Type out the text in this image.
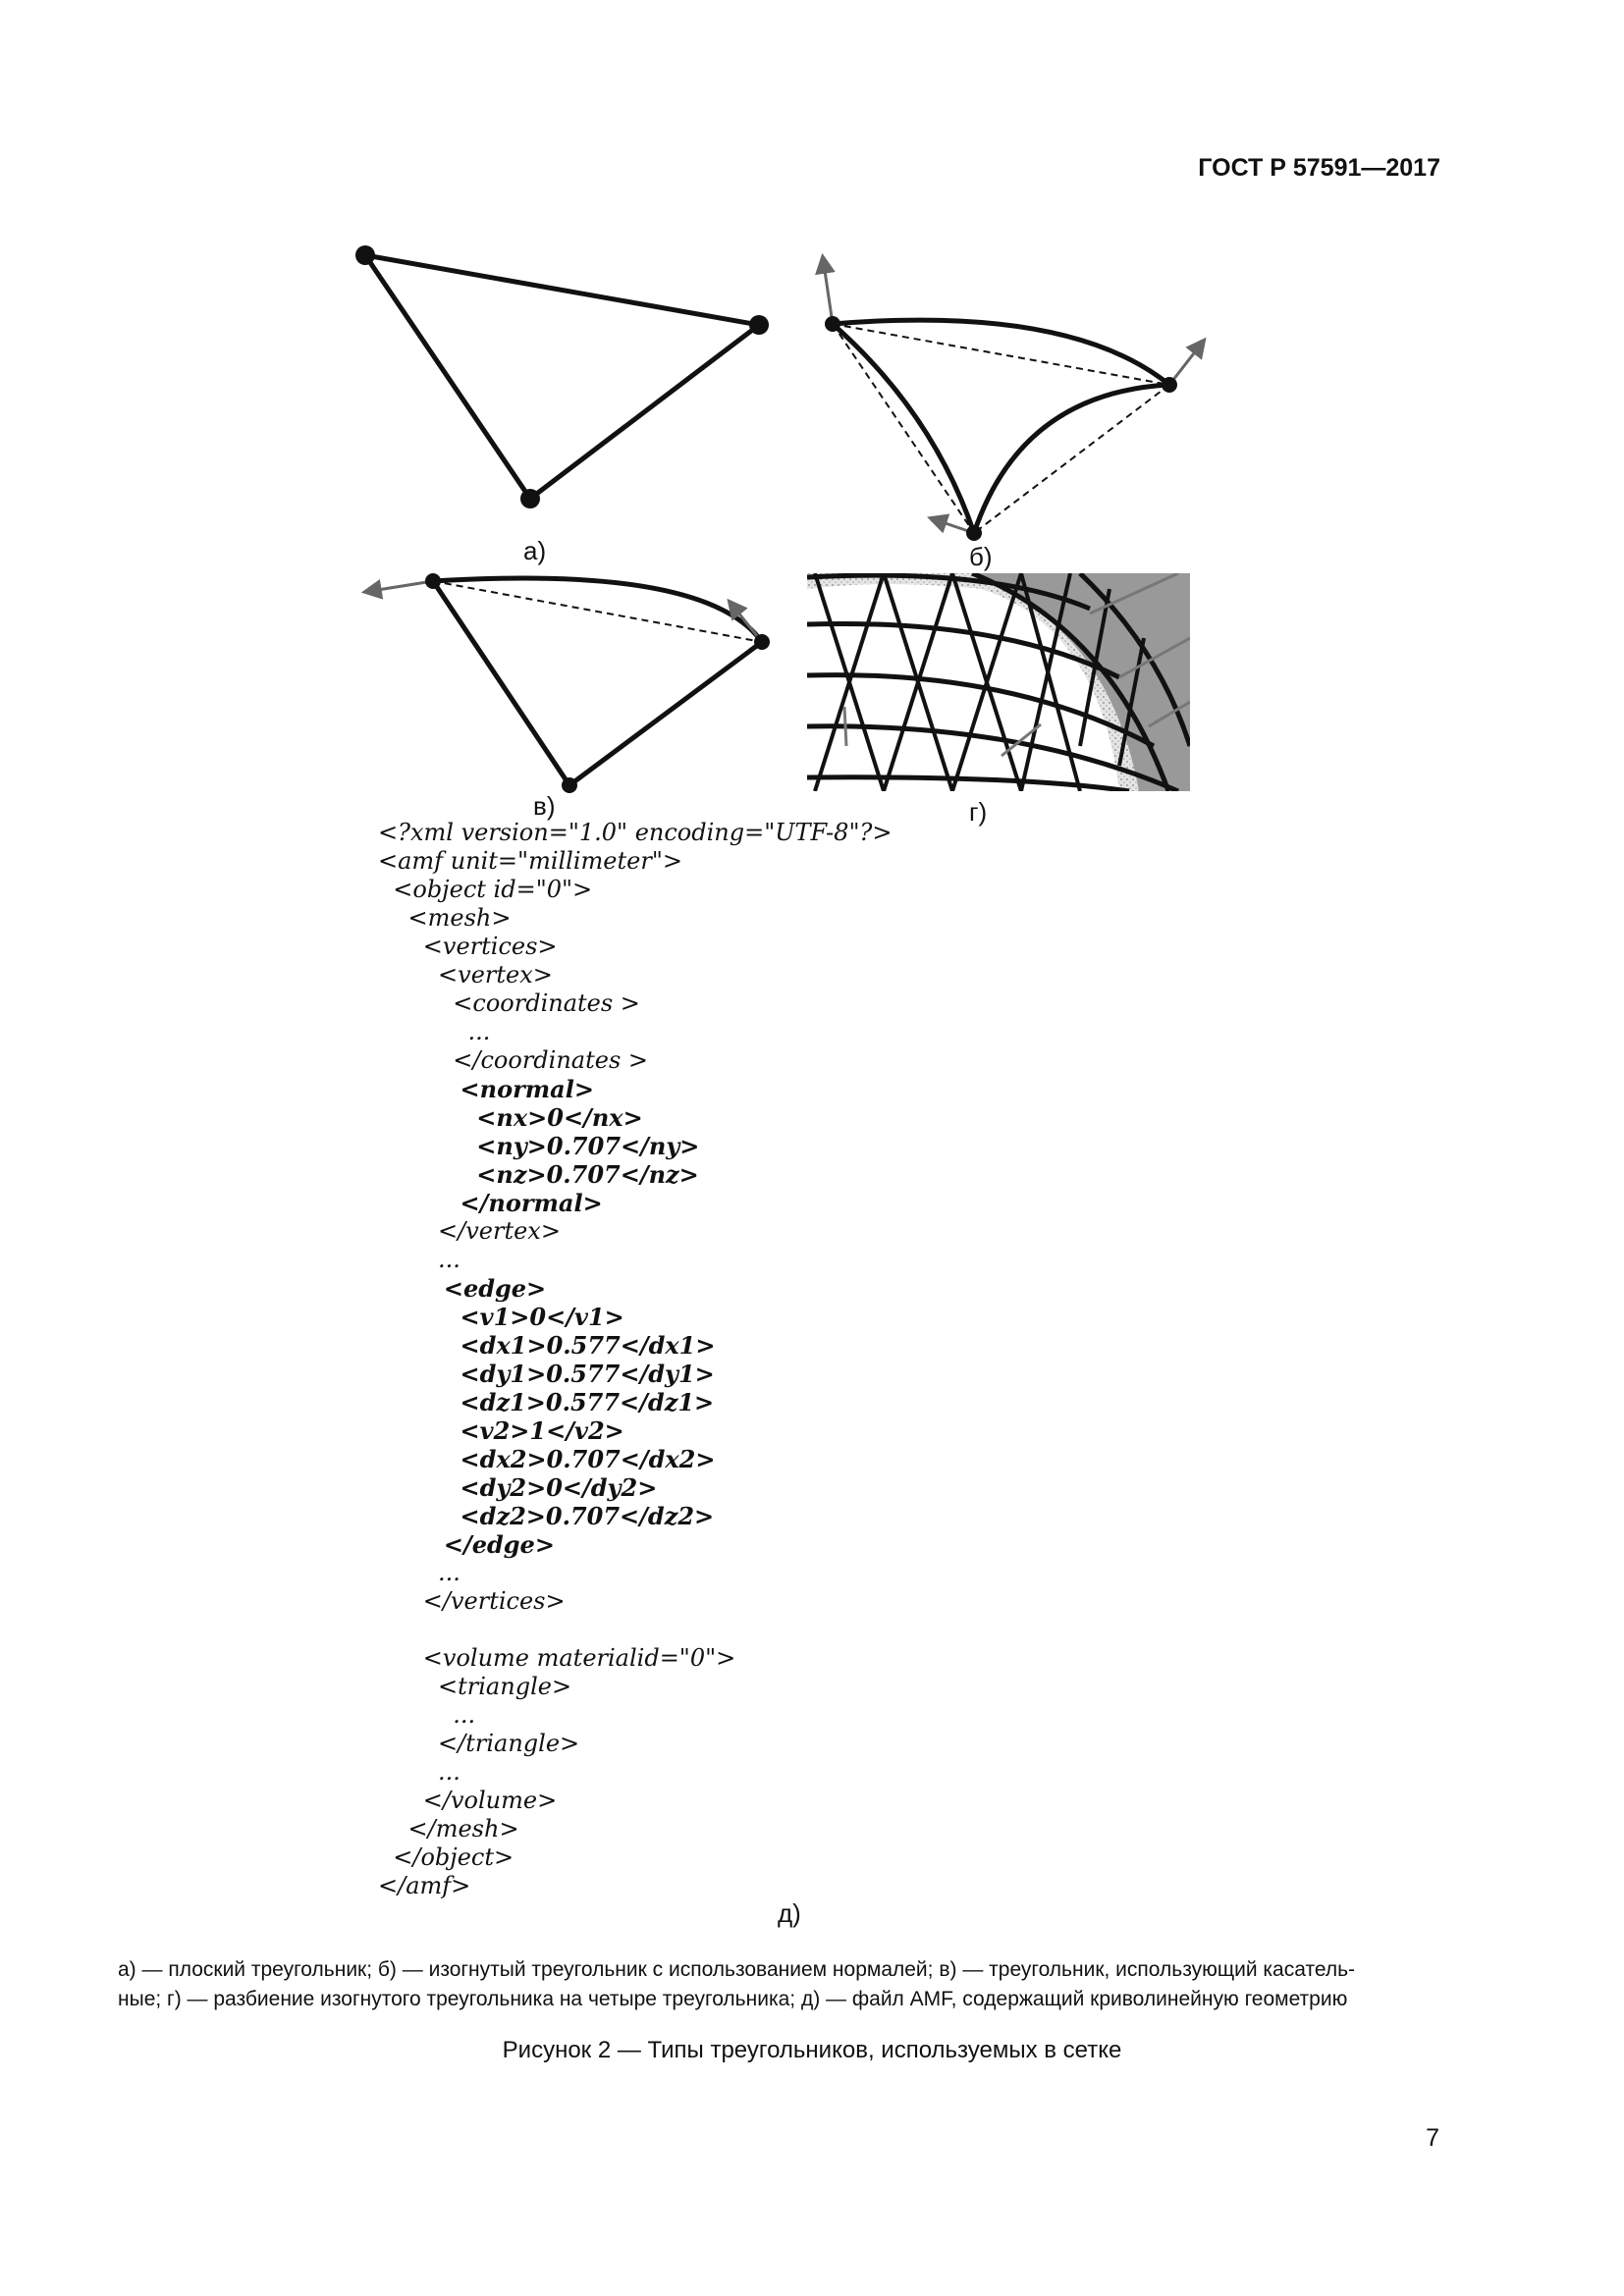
ГОСТ Р 57591—2017
а)	б)
в)	г)
<?xml version="1.0" encoding="UTF-8"?>
<amf unit="millimeter">
<object id="0">
<mesh>
<vertices>
<vertex>
<coordinates >
...
</coordinates >
<normal>
<nx>0</nx>
<ny>0.707</ny>
<nz>0.707</nz>
</normal>
</vertex>
...
<edge>
<v1>0</v1>
<dx1>0.577</dx1>
<dy1>0.577</dy1>
<dz1>0.577</dz1>
<v2>1</v2>
<dx2>0.707</dx2>
<dy2>0</dy2>
<dz2>0.707</dz2>
</edge>
...
</vertices>
<volume materialid="0">
<triangle>
...
</triangle>
...
</volume>
</mesh>
</object>
</amf>
д)
а) — плоский треугольник; б) — изогнутый треугольник с использованием нормалей; в) — треугольник, использующий касатель-
ные; г) — разбиение изогнутого треугольника на четыре треугольника; д) — файл AMF, содержащий криволинейную геометрию
Рисунок 2 — Типы треугольников, используемых в сетке
7
